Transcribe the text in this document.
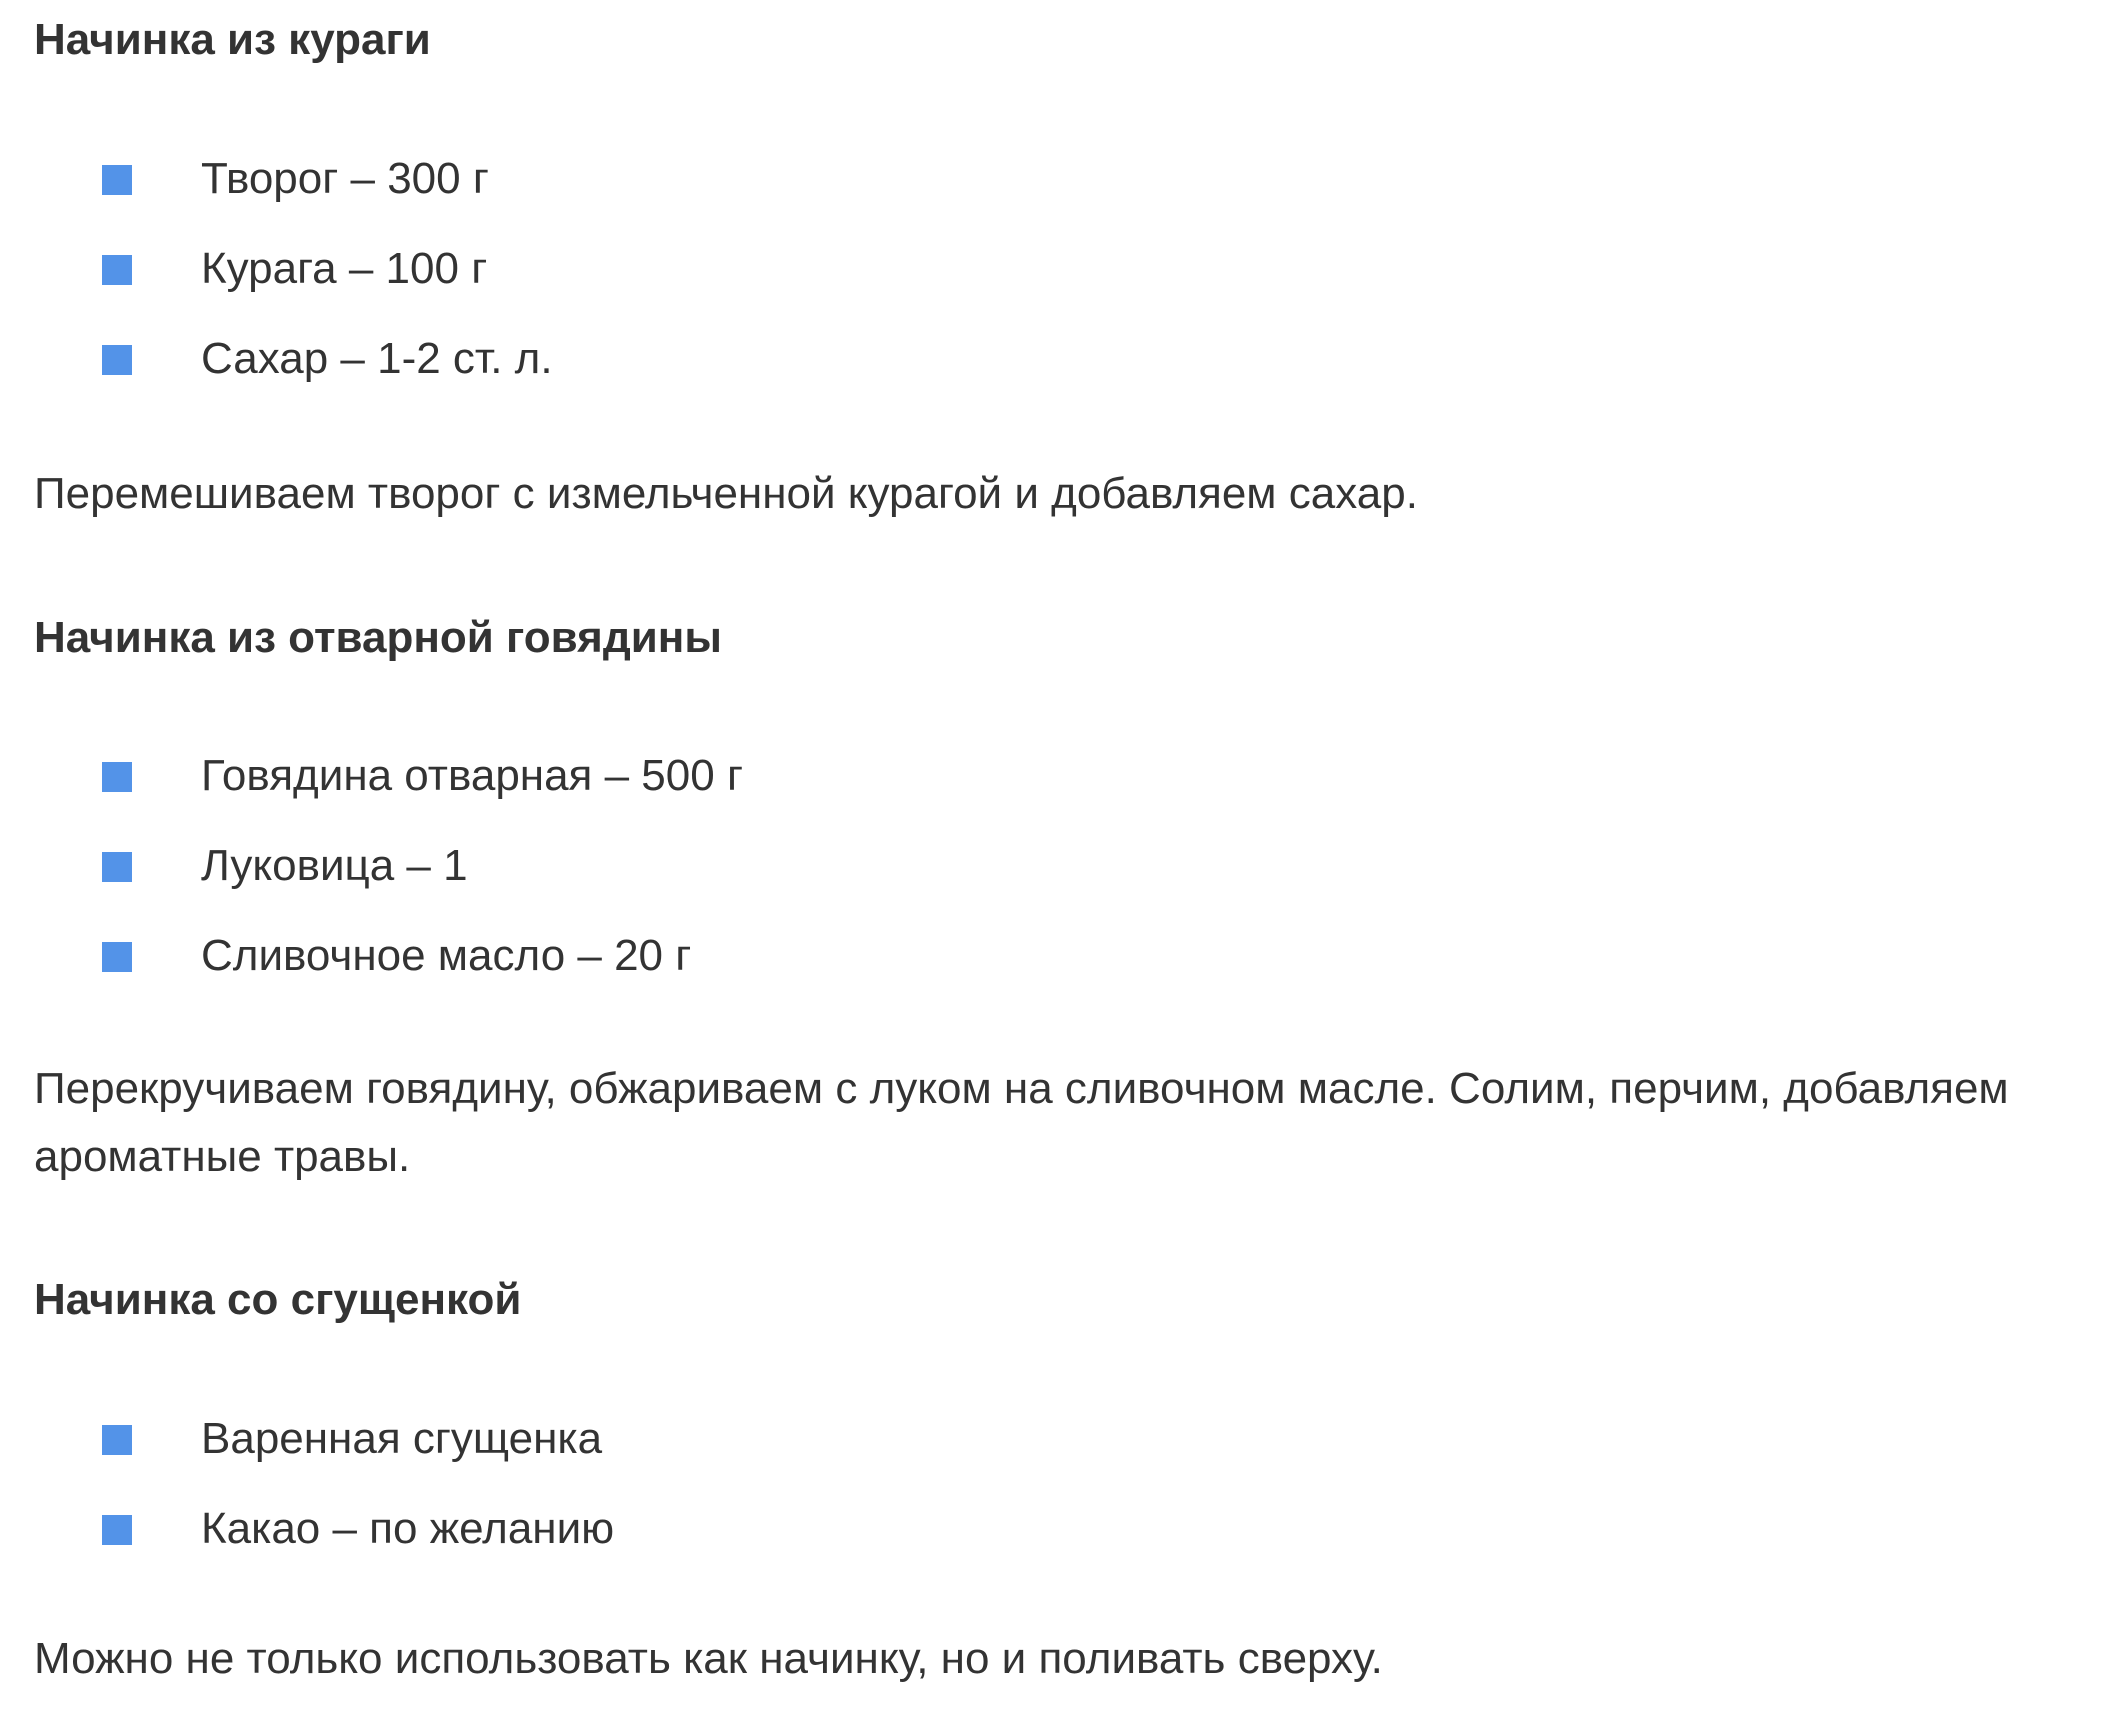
Начинка из кураги
Творог – 300 г
Курага – 100 г
Сахар – 1-2 ст. л.

Перемешиваем творог с измельченной курагой и добавляем сахар.

Начинка из отварной говядины
Говядина отварная – 500 г
Луковица – 1
Сливочное масло – 20 г

Перекручиваем говядину, обжариваем с луком на сливочном масле. Солим, перчим, добавляем ароматные травы.

Начинка со сгущенкой
Варенная сгущенка
Какао – по желанию

Можно не только использовать как начинку, но и поливать сверху.
